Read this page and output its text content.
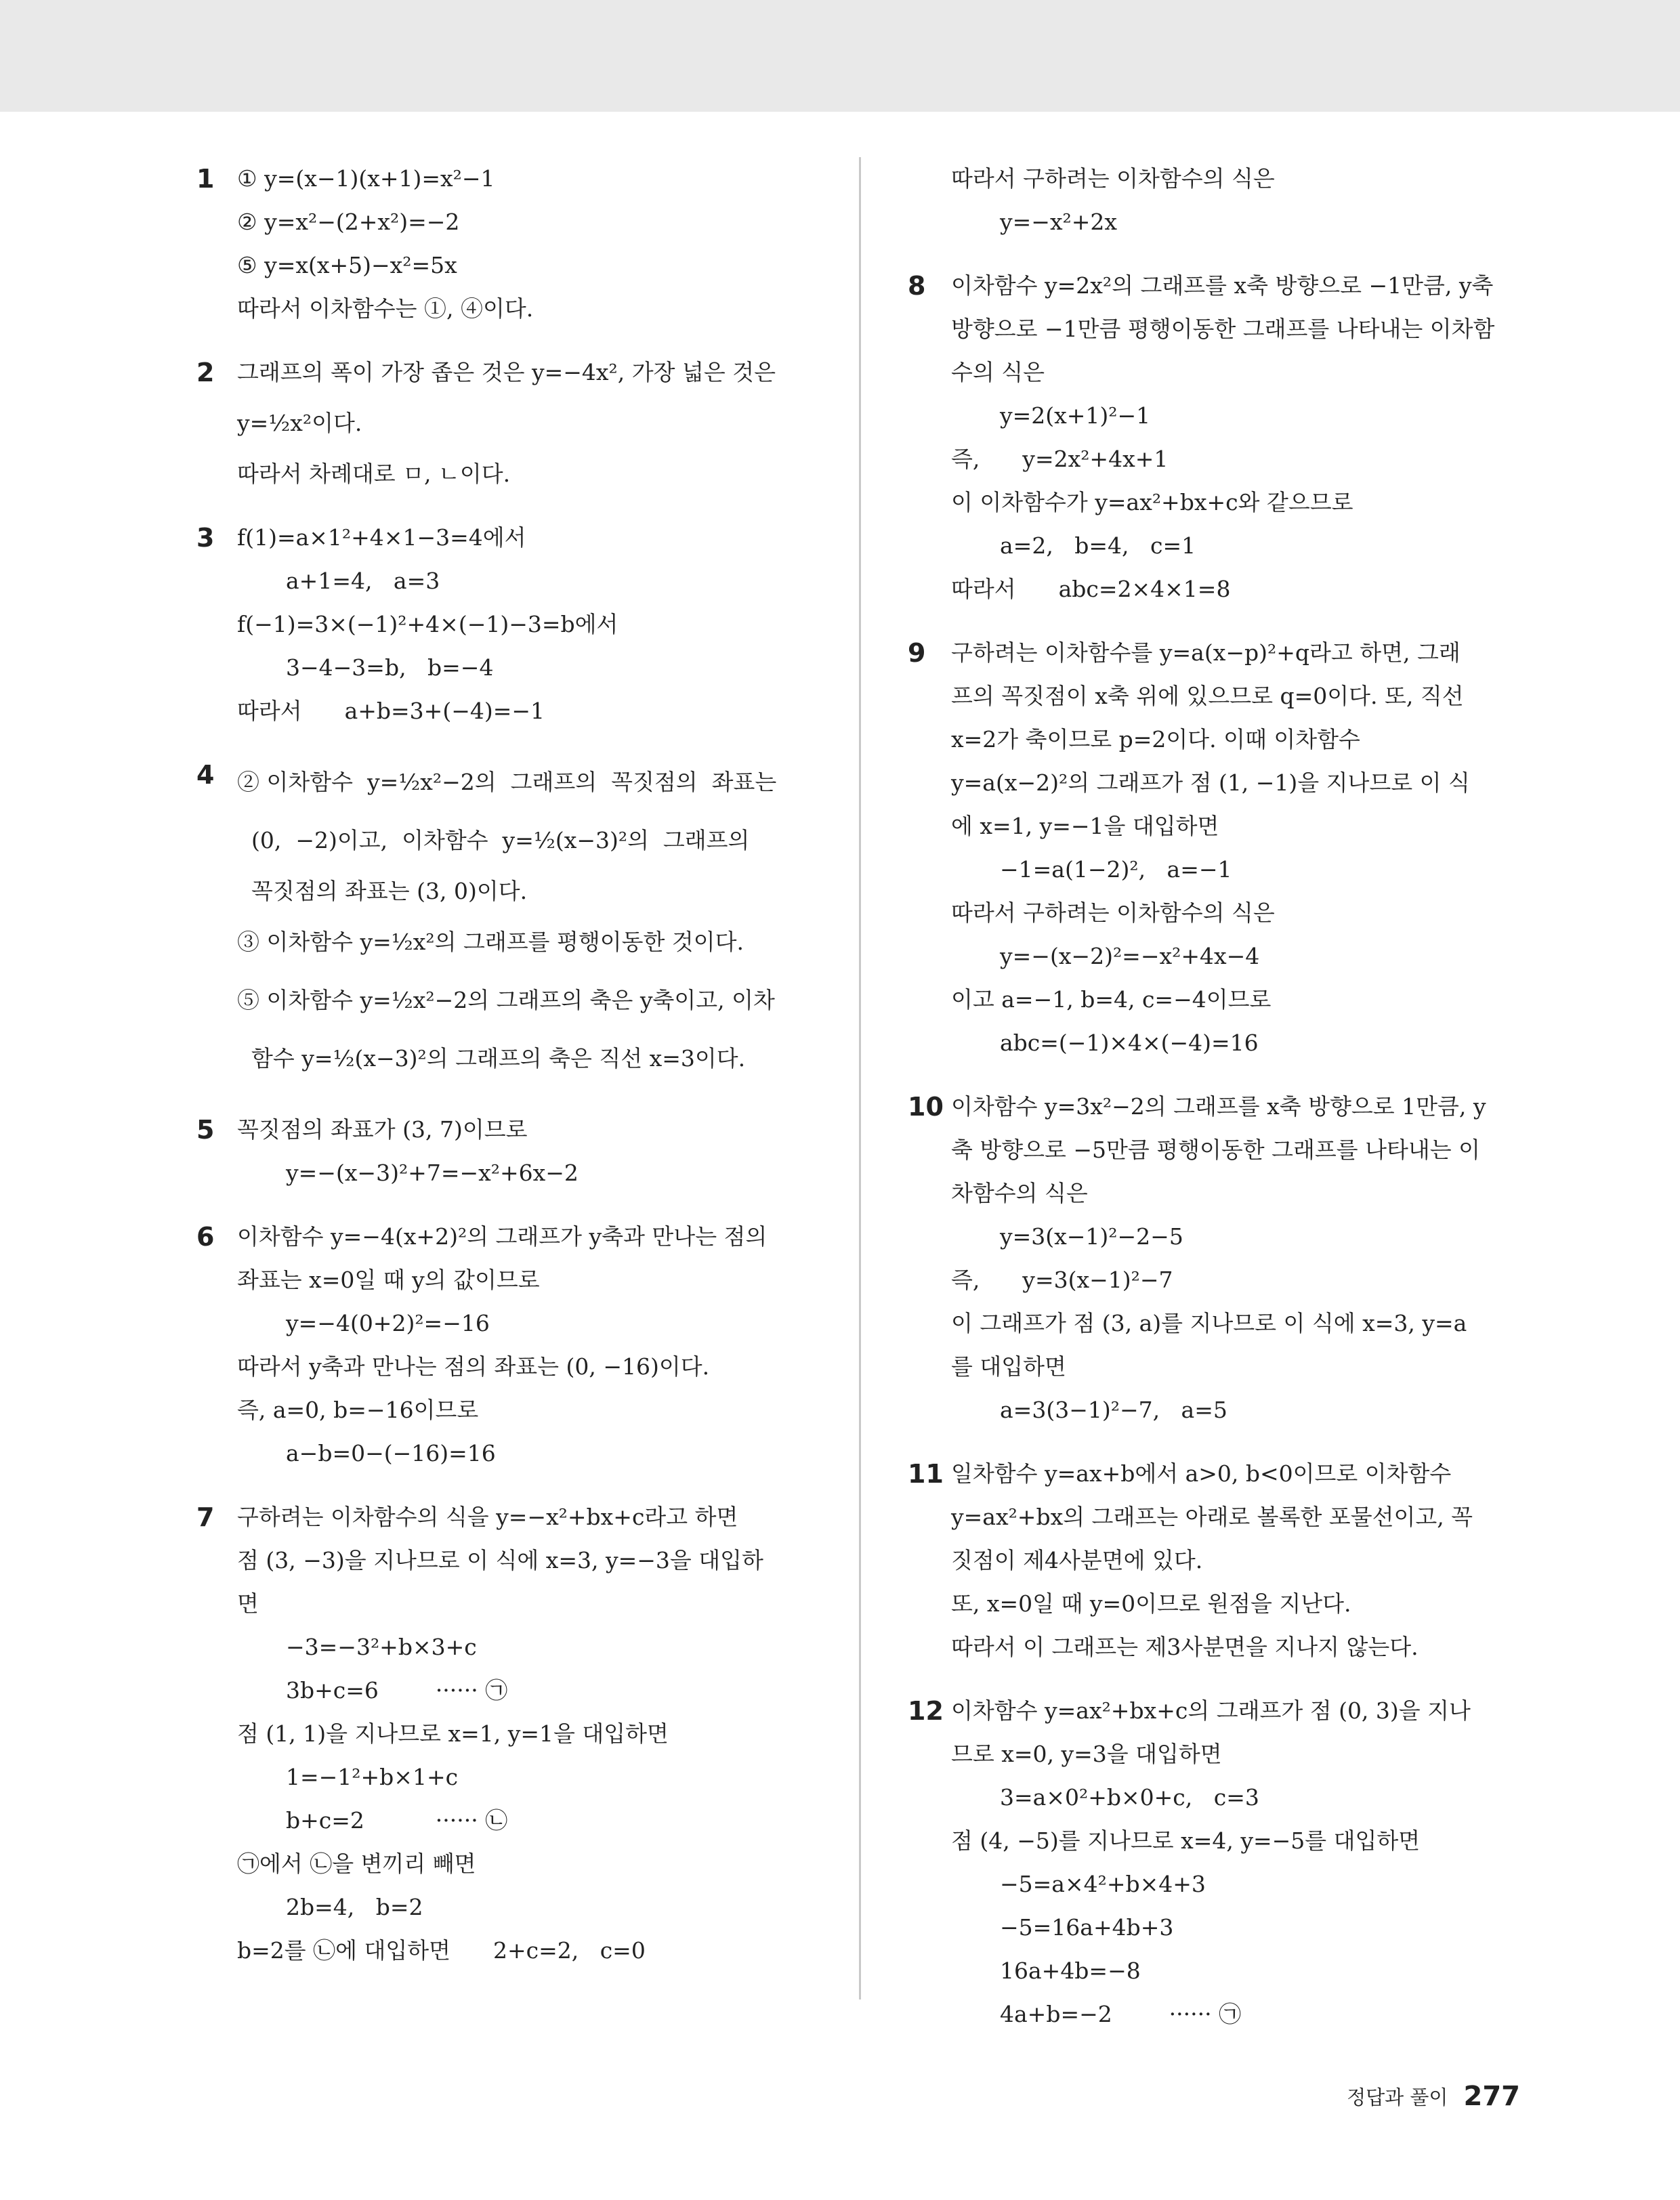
1	① y=(x−1)(x+1)=x²−1
② y=x²−(2+x²)=−2
⑤ y=x(x+5)−x²=5x
따라서 이차함수는 ①, ④이다.
2	그래프의 폭이 가장 좁은 것은 y=−4x², 가장 넓은 것은
y=½x²이다.
따라서 차례대로 ㅁ, ㄴ이다.
3	f(1)=a×1²+4×1−3=4에서
a+1=4,   a=3
f(−1)=3×(−1)²+4×(−1)−3=b에서
3−4−3=b,   b=−4
따라서      a+b=3+(−4)=−1
4	② 이차함수  y=½x²−2의  그래프의  꼭짓점의  좌표는
(0,  −2)이고,  이차함수  y=½(x−3)²의  그래프의
꼭짓점의 좌표는 (3, 0)이다.
③ 이차함수 y=½x²의 그래프를 평행이동한 것이다.
⑤ 이차함수 y=½x²−2의 그래프의 축은 y축이고, 이차
함수 y=½(x−3)²의 그래프의 축은 직선 x=3이다.
5	꼭짓점의 좌표가 (3, 7)이므로
y=−(x−3)²+7=−x²+6x−2
6	이차함수 y=−4(x+2)²의 그래프가 y축과 만나는 점의
좌표는 x=0일 때 y의 값이므로
y=−4(0+2)²=−16
따라서 y축과 만나는 점의 좌표는 (0, −16)이다.
즉, a=0, b=−16이므로
a−b=0−(−16)=16
7	구하려는 이차함수의 식을 y=−x²+bx+c라고 하면
점 (3, −3)을 지나므로 이 식에 x=3, y=−3을 대입하
면
−3=−3²+b×3+c
3b+c=6        ······ ㉠
점 (1, 1)을 지나므로 x=1, y=1을 대입하면
1=−1²+b×1+c
b+c=2          ······ ㉡
㉠에서 ㉡을 변끼리 빼면
2b=4,   b=2
b=2를 ㉡에 대입하면      2+c=2,   c=0
따라서 구하려는 이차함수의 식은
y=−x²+2x
8	이차함수 y=2x²의 그래프를 x축 방향으로 −1만큼, y축
방향으로 −1만큼 평행이동한 그래프를 나타내는 이차함
수의 식은
y=2(x+1)²−1
즉,      y=2x²+4x+1
이 이차함수가 y=ax²+bx+c와 같으므로
a=2,   b=4,   c=1
따라서      abc=2×4×1=8
9	구하려는 이차함수를 y=a(x−p)²+q라고 하면, 그래
프의 꼭짓점이 x축 위에 있으므로 q=0이다. 또, 직선
x=2가 축이므로 p=2이다. 이때 이차함수
y=a(x−2)²의 그래프가 점 (1, −1)을 지나므로 이 식
에 x=1, y=−1을 대입하면
−1=a(1−2)²,   a=−1
따라서 구하려는 이차함수의 식은
y=−(x−2)²=−x²+4x−4
이고 a=−1, b=4, c=−4이므로
abc=(−1)×4×(−4)=16
10 이차함수 y=3x²−2의 그래프를 x축 방향으로 1만큼, y
축 방향으로 −5만큼 평행이동한 그래프를 나타내는 이
차함수의 식은
y=3(x−1)²−2−5
즉,      y=3(x−1)²−7
이 그래프가 점 (3, a)를 지나므로 이 식에 x=3, y=a
를 대입하면
a=3(3−1)²−7,   a=5
11 일차함수 y=ax+b에서 a>0, b<0이므로 이차함수
y=ax²+bx의 그래프는 아래로 볼록한 포물선이고, 꼭
짓점이 제4사분면에 있다.
또, x=0일 때 y=0이므로 원점을 지난다.
따라서 이 그래프는 제3사분면을 지나지 않는다.
12 이차함수 y=ax²+bx+c의 그래프가 점 (0, 3)을 지나
므로 x=0, y=3을 대입하면
3=a×0²+b×0+c,   c=3
점 (4, −5)를 지나므로 x=4, y=−5를 대입하면
−5=a×4²+b×4+3
−5=16a+4b+3
16a+4b=−8
4a+b=−2        ······ ㉠
정답과 풀이 277
